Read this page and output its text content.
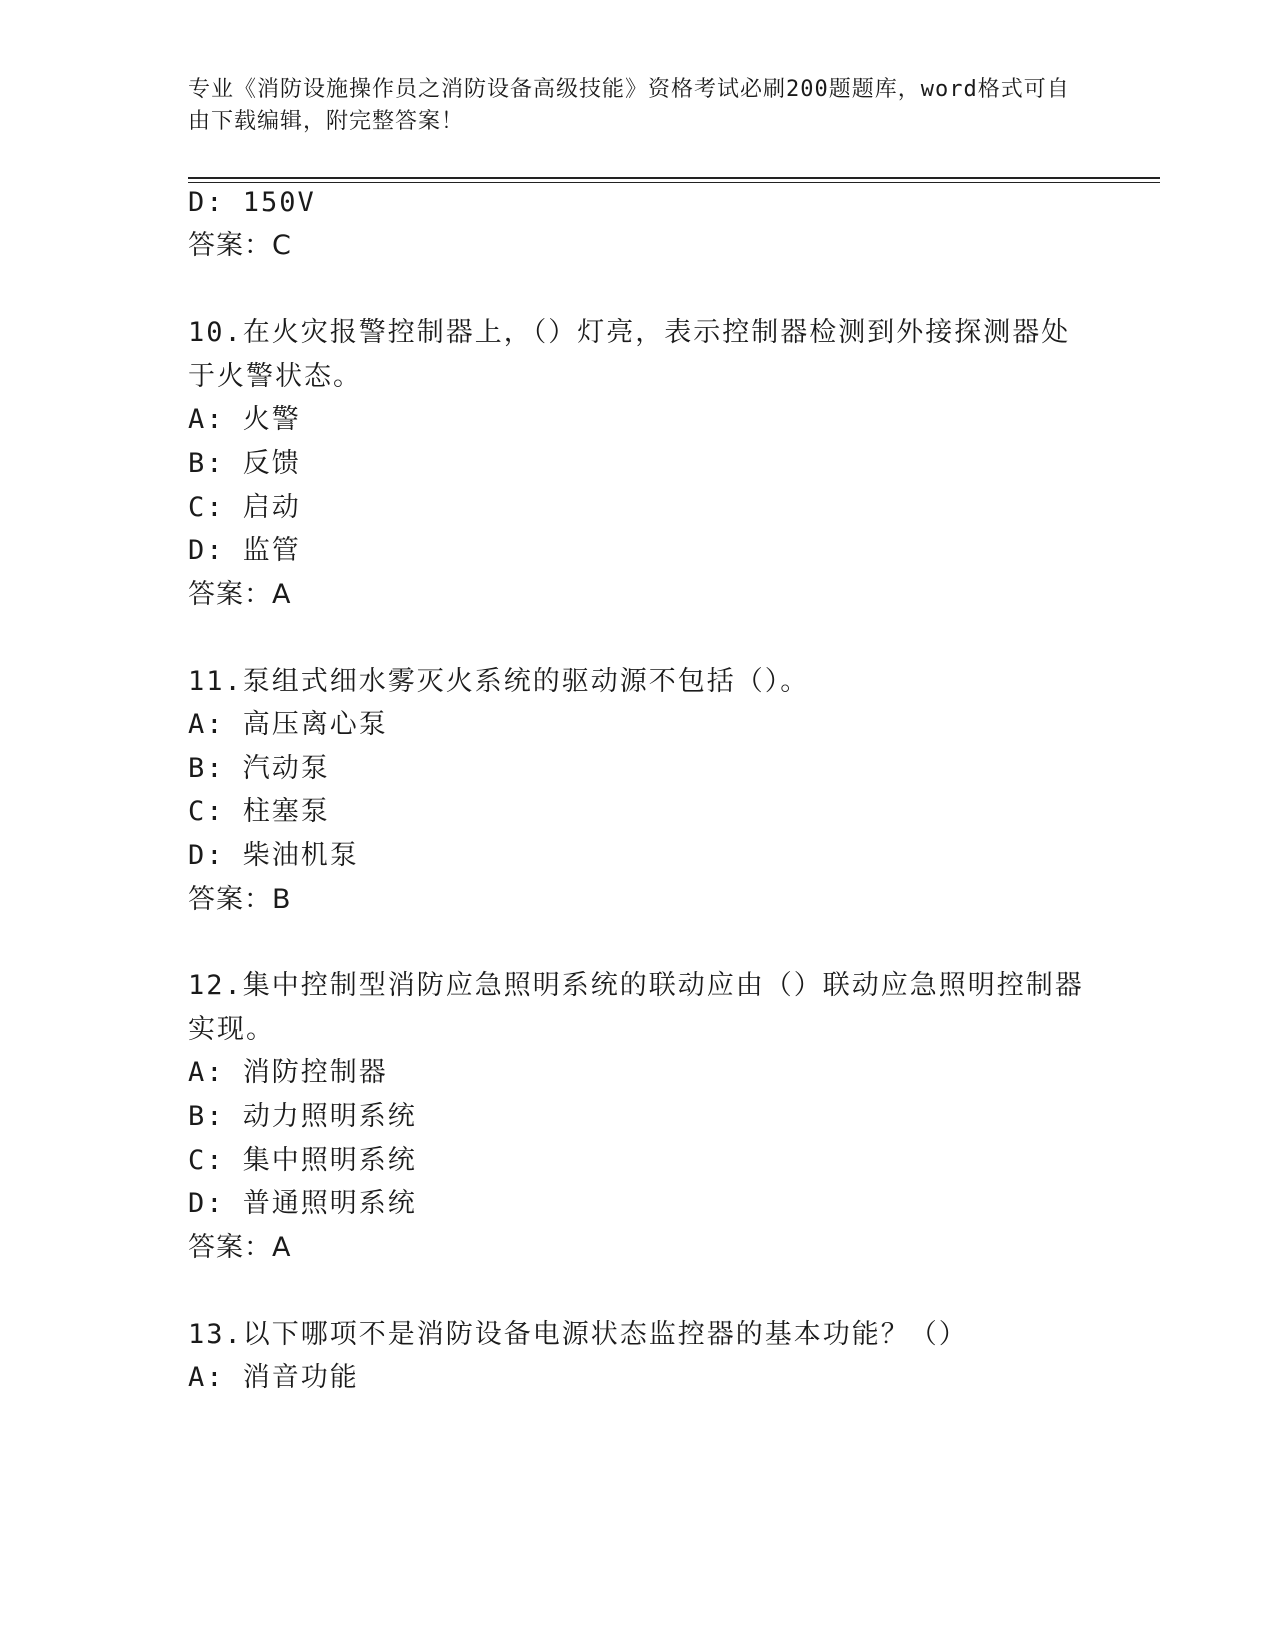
专业《消防设施操作员之消防设备高级技能》资格考试必刷200题题库，word格式可自由下载编辑，附完整答案！
D: 150V
答案：C
10.在火灾报警控制器上，（）灯亮，表示控制器检测到外接探测器处
于火警状态。
A: 火警
B: 反馈
C: 启动
D: 监管
答案：A
11.泵组式细水雾灭火系统的驱动源不包括（）。
A: 高压离心泵
B: 汽动泵
C: 柱塞泵
D: 柴油机泵
答案：B
12.集中控制型消防应急照明系统的联动应由（）联动应急照明控制器
实现。
A: 消防控制器
B: 动力照明系统
C: 集中照明系统
D: 普通照明系统
答案：A
13.以下哪项不是消防设备电源状态监控器的基本功能？（）
A: 消音功能
